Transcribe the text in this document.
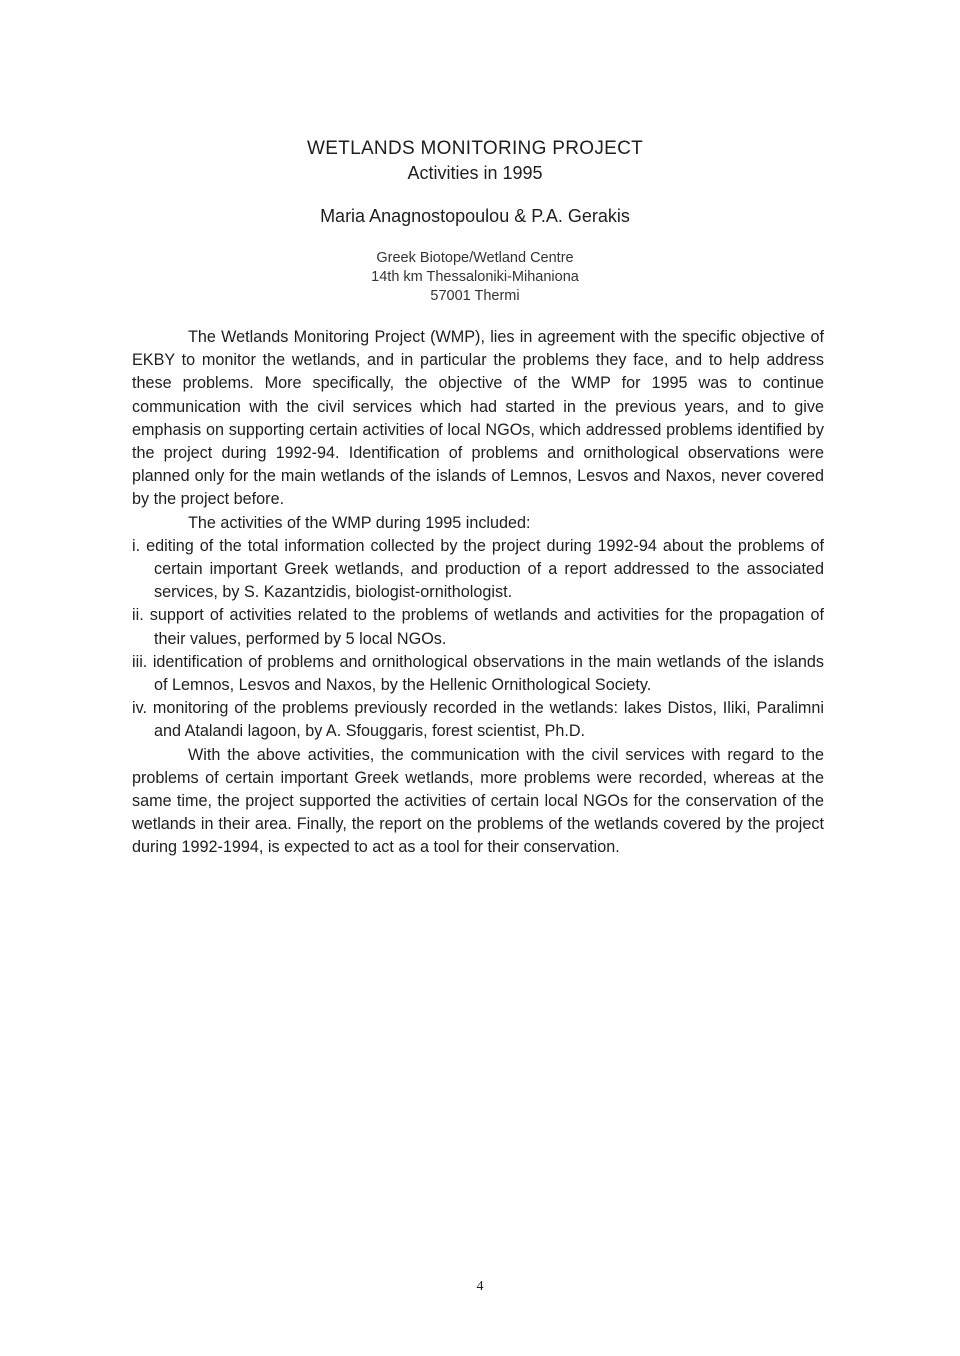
WETLANDS MONITORING PROJECT
Activities in 1995
Maria Anagnostopoulou & P.A. Gerakis
Greek Biotope/Wetland Centre
14th km Thessaloniki-Mihaniona
57001 Thermi

The Wetlands Monitoring Project (WMP), lies in agreement with the specific objective of EKBY to monitor the wetlands, and in particular the problems they face, and to help address these problems. More specifically, the objective of the WMP for 1995 was to continue communication with the civil services which had started in the previous years, and to give emphasis on supporting certain activities of local NGOs, which addressed problems identified by the project during 1992-94. Identification of problems and ornithological observations were planned only for the main wetlands of the islands of Lemnos, Lesvos and Naxos, never covered by the project before.

The activities of the WMP during 1995 included:

i. editing of the total information collected by the project during 1992-94 about the problems of certain important Greek wetlands, and production of a report addressed to the associated services, by S. Kazantzidis, biologist-ornithologist.

ii. support of activities related to the problems of wetlands and activities for the propagation of their values, performed by 5 local NGOs.

iii. identification of problems and ornithological observations in the main wetlands of the islands of Lemnos, Lesvos and Naxos, by the Hellenic Ornithological Society.

iv. monitoring of the problems previously recorded in the wetlands: lakes Distos, Iliki, Paralimni and Atalandi lagoon, by A. Sfouggaris, forest scientist, Ph.D.

With the above activities, the communication with the civil services with regard to the problems of certain important Greek wetlands, more problems were recorded, whereas at the same time, the project supported the activities of certain local NGOs for the conservation of the wetlands in their area. Finally, the report on the problems of the wetlands covered by the project during 1992-1994, is expected to act as a tool for their conservation.

4
